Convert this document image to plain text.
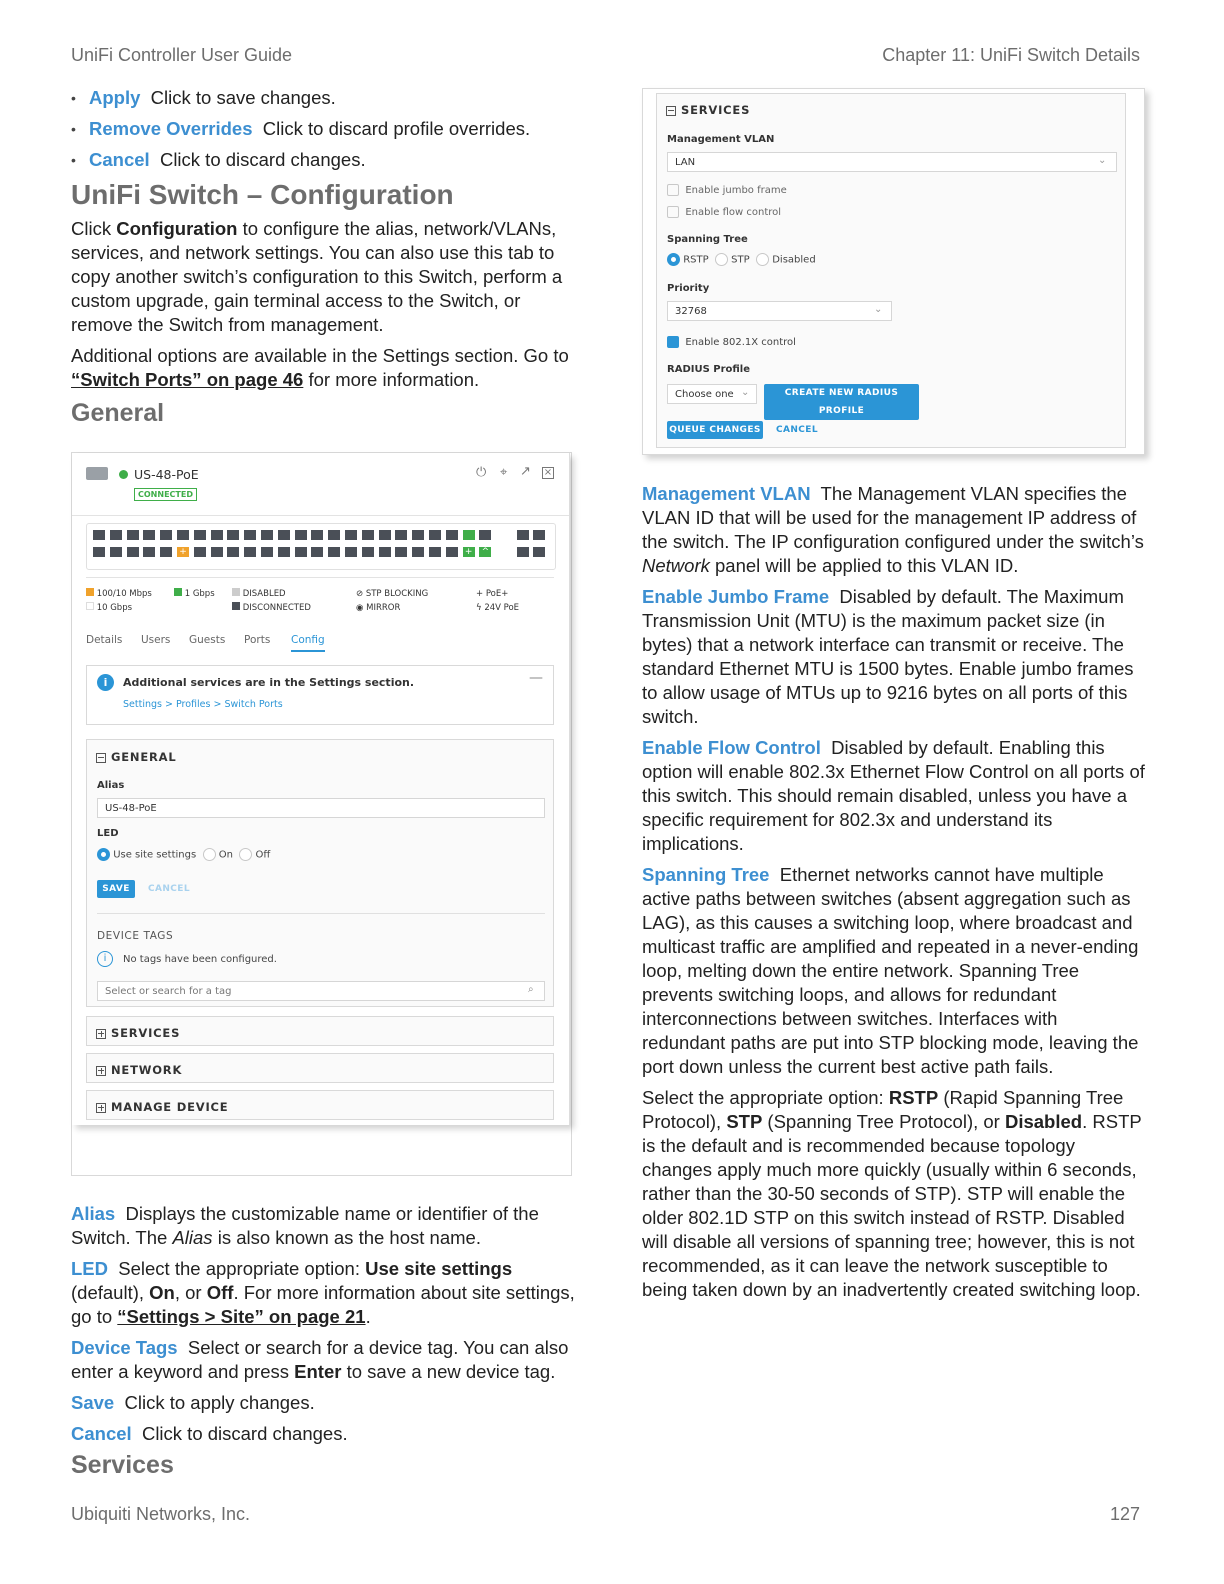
UniFi Controller User Guide	Chapter 11: UniFi Switch Details
Ubiquiti Networks, Inc.	127
• Apply Click to save changes.
• Remove Overrides Click to discard profile overrides.
• Cancel Click to discard changes.
UniFi Switch – Configuration

Click Configuration to configure the alias, network/VLANs, services, and network settings. You can also use this tab to copy another switch’s configuration to this Switch, perform a custom upgrade, gain terminal access to the Switch, or remove the Switch from management.

Additional options are available in the Settings section. Go to “Switch Ports” on page 46 for more information.

General
US-48-PoE
CONNECTED
⏻ ⌖ ↗ ×
+	+ ^
100/10 Mbps
10 Gbps
1 Gbps	DISABLED
DISCONNECTED
⊘ STP BLOCKING
◉ MIRROR
+ PoE+
ϟ 24V PoE
Details Users Guests Ports Config
i	Additional services are in the Settings section.
Settings > Profiles > Switch Ports
—
GENERAL
Alias
US-48-PoE
LED
Use site settings On Off
SAVE	CANCEL
DEVICE TAGS
i	No tags have been configured.
Select or search for a tag	⌕
SERVICES
NETWORK
MANAGE DEVICE

Alias Displays the customizable name or identifier of the Switch. The Alias is also known as the host name.

LED Select the appropriate option: Use site settings (default), On, or Off. For more information about site settings, go to “Settings > Site” on page 21.

Device Tags Select or search for a device tag. You can also enter a keyword and press Enter to save a new device tag.

Save Click to apply changes.

Cancel Click to discard changes.

Services
SERVICES
Management VLAN
LAN	⌄
Enable jumbo frame
Enable flow control
Spanning Tree
RSTP STP Disabled
Priority
32768	⌄
Enable 802.1X control
RADIUS Profile
Choose one ⌄	CREATE NEW RADIUS PROFILE
QUEUE CHANGES CANCEL

Management VLAN The Management VLAN specifies the VLAN ID that will be used for the management IP address of the switch. The IP configuration configured under the switch’s Network panel will be applied to this VLAN ID.

Enable Jumbo Frame Disabled by default. The Maximum Transmission Unit (MTU) is the maximum packet size (in bytes) that a network interface can transmit or receive. The standard Ethernet MTU is 1500 bytes. Enable jumbo frames to allow usage of MTUs up to 9216 bytes on all ports of this switch.

Enable Flow Control Disabled by default. Enabling this option will enable 802.3x Ethernet Flow Control on all ports of this switch. This should remain disabled, unless you have a specific requirement for 802.3x and understand its implications.

Spanning Tree Ethernet networks cannot have multiple active paths between switches (absent aggregation such as LAG), as this causes a switching loop, where broadcast and multicast traffic are amplified and repeated in a never-ending loop, melting down the entire network. Spanning Tree prevents switching loops, and allows for redundant interconnections between switches. Interfaces with redundant paths are put into STP blocking mode, leaving the port down unless the current best active path fails.

Select the appropriate option: RSTP (Rapid Spanning Tree Protocol), STP (Spanning Tree Protocol), or Disabled. RSTP is the default and is recommended because topology changes apply much more quickly (usually within 6 seconds, rather than the 30-50 seconds of STP). STP will enable the older 802.1D STP on this switch instead of RSTP. Disabled will disable all versions of spanning tree; however, this is not recommended, as it can leave the network susceptible to being taken down by an inadvertently created switching loop.
